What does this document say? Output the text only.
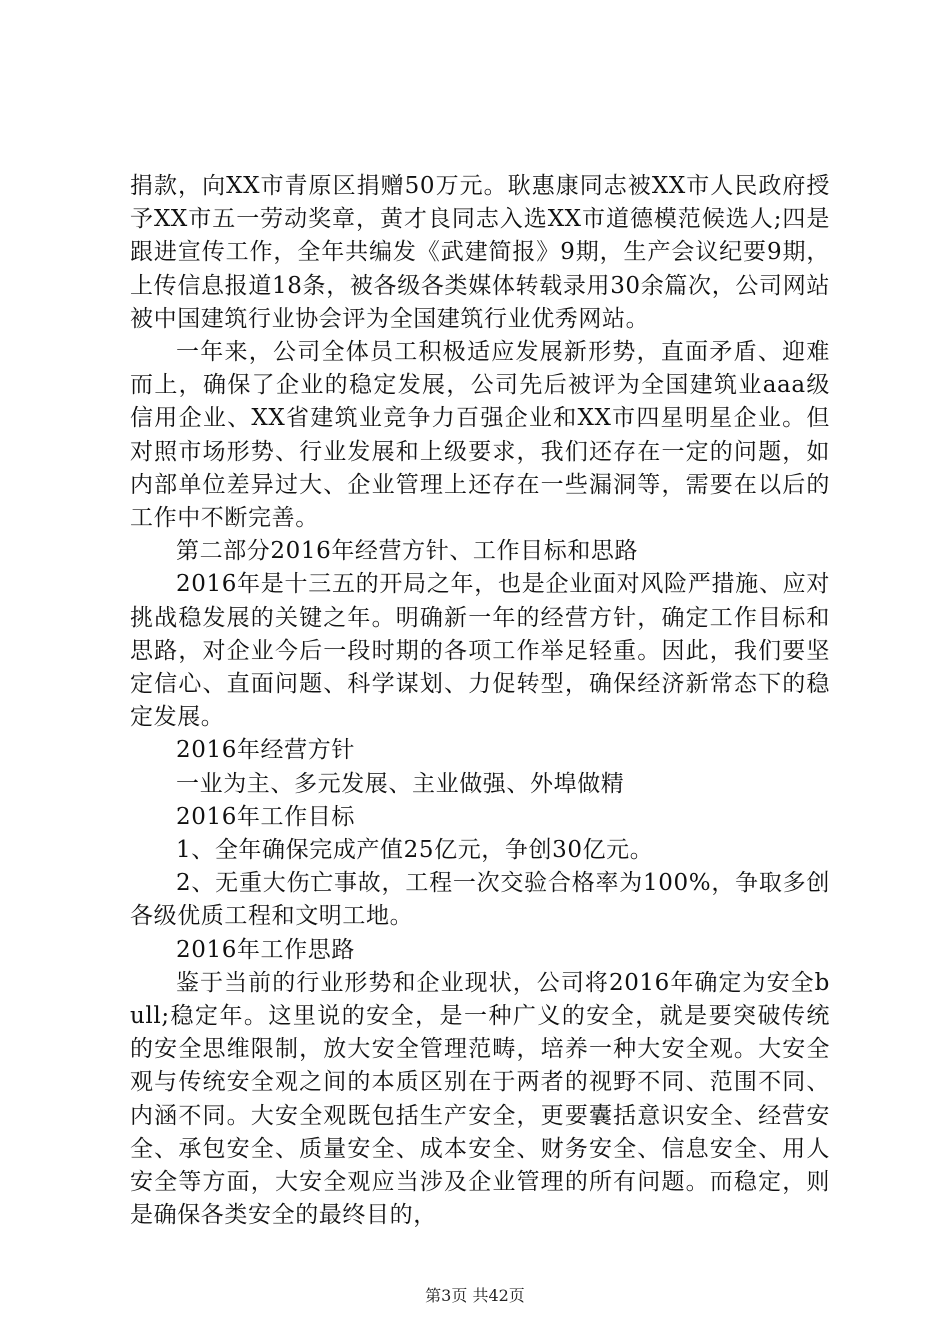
捐款，向XX市青原区捐赠50万元。耿惠康同志被XX市人民政府授予XX市五一劳动奖章，黄才良同志入选XX市道德模范候选人;四是跟进宣传工作，全年共编发《武建简报》9期，生产会议纪要9期，上传信息报道18条，被各级各类媒体转载录用30余篇次，公司网站被中国建筑行业协会评为全国建筑行业优秀网站。

一年来，公司全体员工积极适应发展新形势，直面矛盾、迎难而上，确保了企业的稳定发展，公司先后被评为全国建筑业aaa级信用企业、XX省建筑业竞争力百强企业和XX市四星明星企业。但对照市场形势、行业发展和上级要求，我们还存在一定的问题，如内部单位差异过大、企业管理上还存在一些漏洞等，需要在以后的工作中不断完善。

第二部分2016年经营方针、工作目标和思路

2016年是十三五的开局之年，也是企业面对风险严措施、应对挑战稳发展的关键之年。明确新一年的经营方针，确定工作目标和思路，对企业今后一段时期的各项工作举足轻重。因此，我们要坚定信心、直面问题、科学谋划、力促转型，确保经济新常态下的稳定发展。

2016年经营方针

一业为主、多元发展、主业做强、外埠做精

2016年工作目标

1、全年确保完成产值25亿元，争创30亿元。

2、无重大伤亡事故，工程一次交验合格率为100%，争取多创各级优质工程和文明工地。

2016年工作思路

鉴于当前的行业形势和企业现状，公司将2016年确定为安全bull;稳定年。这里说的安全，是一种广义的安全，就是要突破传统的安全思维限制，放大安全管理范畴，培养一种大安全观。大安全观与传统安全观之间的本质区别在于两者的视野不同、范围不同、内涵不同。大安全观既包括生产安全，更要囊括意识安全、经营安全、承包安全、质量安全、成本安全、财务安全、信息安全、用人安全等方面，大安全观应当涉及企业管理的所有问题。而稳定，则是确保各类安全的最终目的，

第3页 共42页
